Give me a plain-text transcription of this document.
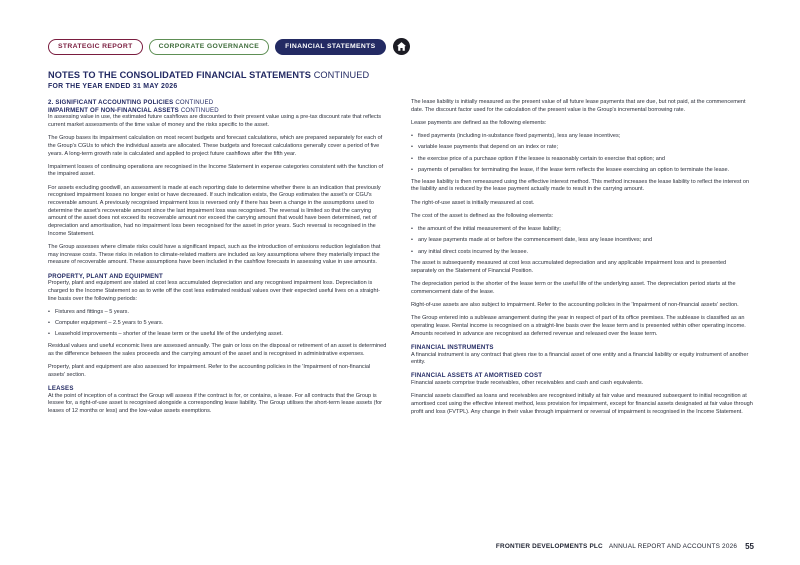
STRATEGIC REPORT	CORPORATE GOVERNANCE	FINANCIAL STATEMENTS
NOTES TO THE CONSOLIDATED FINANCIAL STATEMENTS CONTINUED
FOR THE YEAR ENDED 31 MAY 2026
2. SIGNIFICANT ACCOUNTING POLICIES CONTINUED
IMPAIRMENT OF NON-FINANCIAL ASSETS CONTINUED

In assessing value in use, the estimated future cashflows are discounted to their present value using a pre-tax discount rate that reflects current market assessments of the time value of money and the risks specific to the asset.

The Group bases its impairment calculation on most recent budgets and forecast calculations, which are prepared separately for each of the Group's CGUs to which the individual assets are allocated. These budgets and forecast calculations generally cover a period of five years. A long-term growth rate is calculated and applied to project future cashflows after the fifth year.

Impairment losses of continuing operations are recognised in the Income Statement in expense categories consistent with the function of the impaired asset.

For assets excluding goodwill, an assessment is made at each reporting date to determine whether there is an indication that previously recognised impairment losses no longer exist or have decreased. If such indication exists, the Group estimates the asset's or CGU's recoverable amount. A previously recognised impairment loss is reversed only if there has been a change in the assumptions used to determine the asset's recoverable amount since the last impairment loss was recognised. The reversal is limited so that the carrying amount of the asset does not exceed its recoverable amount nor exceed the carrying amount that would have been determined, net of depreciation and amortisation, had no impairment loss been recognised for the asset in prior years. Such reversal is recognised in the Income Statement.

The Group assesses where climate risks could have a significant impact, such as the introduction of emissions reduction legislation that may increase costs. These risks in relation to climate-related matters are included as key assumptions where they materially impact the measure of recoverable amount. These assumptions have been included in the cashflow forecasts in assessing value in use amounts.

PROPERTY, PLANT AND EQUIPMENT

Property, plant and equipment are stated at cost less accumulated depreciation and any recognised impairment loss. Depreciation is charged to the Income Statement so as to write off the cost less estimated residual values over their expected useful lives on a straight-line basis over the following periods:

• Fixtures and fittings – 5 years.
• Computer equipment – 2.5 years to 5 years.
• Leasehold improvements – shorter of the lease term or the useful life of the underlying asset.

Residual values and useful economic lives are assessed annually. The gain or loss on the disposal or retirement of an asset is determined as the difference between the sales proceeds and the carrying amount of the asset and is recognised in administrative expenses.

Property, plant and equipment are also assessed for impairment. Refer to the accounting policies in the 'Impairment of non-financial assets' section.

LEASES

At the point of inception of a contract the Group will assess if the contract is for, or contains, a lease. For all contracts that the Group is lessee for, a right-of-use asset is recognised alongside a corresponding lease liability. The Group utilises the short-term lease assets (for leases of 12 months or less) and the low-value assets exemptions.

The lease liability is initially measured as the present value of all future lease payments that are due, but not paid, at the commencement date. The discount factor used for the calculation of the present value is the Group's incremental borrowing rate.

Lease payments are defined as the following elements:

• fixed payments (including in-substance fixed payments), less any lease incentives;
• variable lease payments that depend on an index or rate;
• the exercise price of a purchase option if the lessee is reasonably certain to exercise that option; and
• payments of penalties for terminating the lease, if the lease term reflects the lessee exercising an option to terminate the lease.

The lease liability is then remeasured using the effective interest method. This method increases the lease liability to reflect the interest on the liability and is reduced by the lease payment actually made to result in the carrying amount.

The right-of-use asset is initially measured at cost.

The cost of the asset is defined as the following elements:

• the amount of the initial measurement of the lease liability;
• any lease payments made at or before the commencement date, less any lease incentives; and
• any initial direct costs incurred by the lessee.

The asset is subsequently measured at cost less accumulated depreciation and any applicable impairment loss and is presented separately on the Statement of Financial Position.

The depreciation period is the shorter of the lease term or the useful life of the underlying asset. The depreciation period starts at the commencement date of the lease.

Right-of-use assets are also subject to impairment. Refer to the accounting policies in the 'Impairment of non-financial assets' section.

The Group entered into a sublease arrangement during the year in respect of part of its office premises. The sublease is classified as an operating lease. Rental income is recognised on a straight-line basis over the lease term and is presented within other operating income. Amounts received in advance are recognised as deferred revenue and released over the lease term.

FINANCIAL INSTRUMENTS

A financial instrument is any contract that gives rise to a financial asset of one entity and a financial liability or equity instrument of another entity.

FINANCIAL ASSETS AT AMORTISED COST

Financial assets comprise trade receivables, other receivables and cash and cash equivalents.

Financial assets classified as loans and receivables are recognised initially at fair value and measured subsequent to initial recognition at amortised cost using the effective interest method, less provision for impairment, except for financial assets designated at fair value through profit and loss (FVTPL). Any change in their value through impairment or reversal of impairment is recognised in the Income Statement.

FRONTIER DEVELOPMENTS PLC ANNUAL REPORT AND ACCOUNTS 2026 55
